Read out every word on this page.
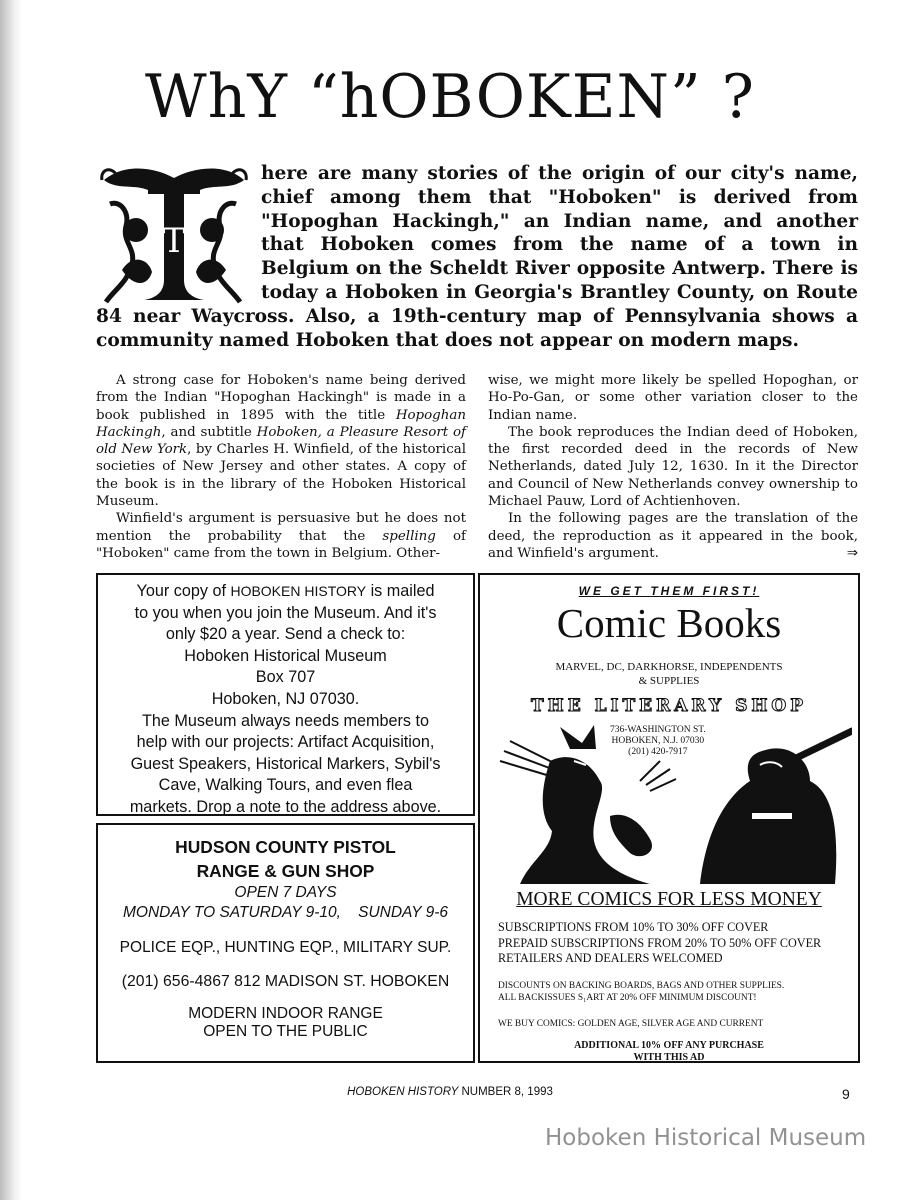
WhY “hOBOKEN” ?
T

here are many stories of the origin of our city's name, chief among them that "Hoboken" is derived from "Hopoghan Hackingh," an Indian name, and another that Hoboken comes from the name of a town in Belgium on the Scheldt River opposite Antwerp. There is today a Hoboken in Georgia's Brantley County, on Route 84 near Waycross. Also, a 19th-century map of Pennsylvania shows a community named Hoboken that does not appear on modern maps.

A strong case for Hoboken's name being derived from the Indian "Hopoghan Hackingh" is made in a book published in 1895 with the title Hopoghan Hackingh, and subtitle Hoboken, a Pleasure Resort of old New York, by Charles H. Winfield, of the historical societies of New Jersey and other states. A copy of the book is in the library of the Hoboken Historical Museum.

Winfield's argument is persuasive but he does not mention the probability that the spelling of "Hoboken" came from the town in Belgium. Other-

wise, we might more likely be spelled Hopoghan, or Ho-Po-Gan, or some other variation closer to the Indian name.

The book reproduces the Indian deed of Hoboken, the first recorded deed in the records of New Netherlands, dated July 12, 1630. In it the Director and Council of New Netherlands convey ownership to Michael Pauw, Lord of Achtienhoven.

In the following pages are the translation of the deed, the reproduction as it appeared in the book, and Winfield's argument.	⇒

Your copy of HOBOKEN HISTORY is mailed
to you when you join the Museum. And it's
only $20 a year. Send a check to:
Hoboken Historical Museum
Box 707
Hoboken, NJ 07030.
The Museum always needs members to
help with our projects: Artifact Acquisition,
Guest Speakers, Historical Markers, Sybil's
Cave, Walking Tours, and even flea
markets. Drop a note to the address above.
HUDSON COUNTY PISTOL
RANGE & GUN SHOP
OPEN 7 DAYS
MONDAY TO SATURDAY 9-10, SUNDAY 9-6
POLICE EQP., HUNTING EQP., MILITARY SUP.
(201) 656-4867 812 MADISON ST. HOBOKEN
MODERN INDOOR RANGE
OPEN TO THE PUBLIC
WE GET THEM FIRST!
Comic Books
MARVEL, DC, DARKHORSE, INDEPENDENTS
& SUPPLIES
THE LITERARY SHOP
736-WASHINGTON ST.
HOBOKEN, N.J. 07030
(201) 420-7917
MORE COMICS FOR LESS MONEY
SUBSCRIPTIONS FROM 10% TO 30% OFF COVER
PREPAID SUBSCRIPTIONS FROM 20% TO 50% OFF COVER
RETAILERS AND DEALERS WELCOMED
DISCOUNTS ON BACKING BOARDS, BAGS AND OTHER SUPPLIES.
ALL BACKISSUES S₁ART AT 20% OFF MINIMUM DISCOUNT!
WE BUY COMICS: GOLDEN AGE, SILVER AGE AND CURRENT
ADDITIONAL 10% OFF ANY PURCHASE
WITH THIS AD
HOBOKEN HISTORY NUMBER 8, 1993	9
Hoboken Historical Museum
